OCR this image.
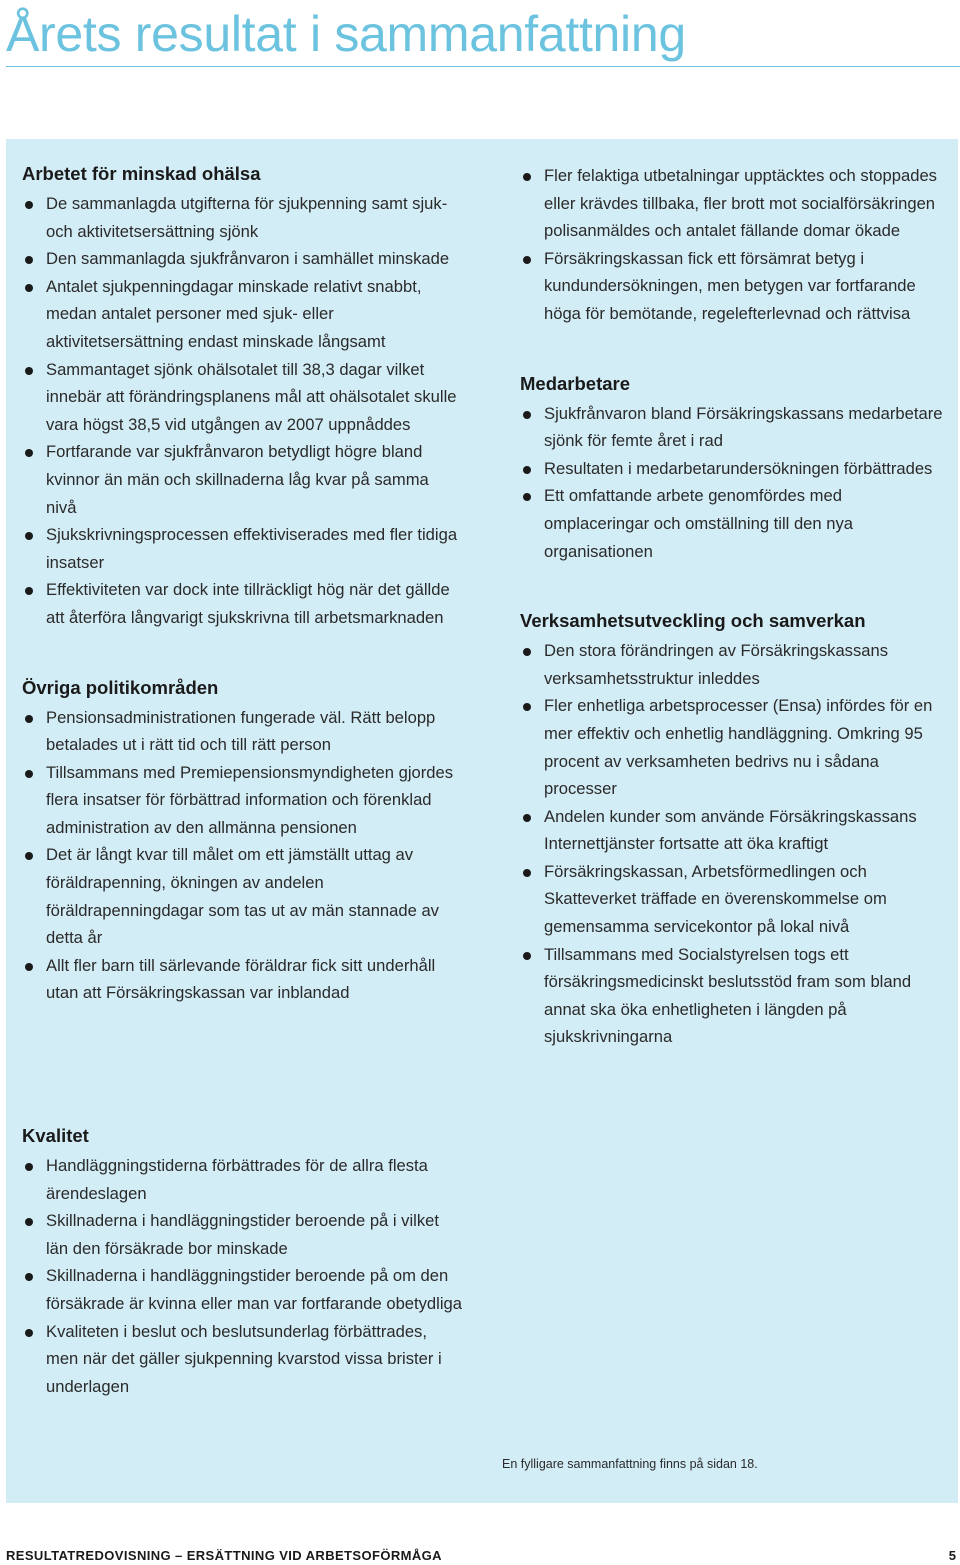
Årets resultat i sammanfattning
Arbetet för minskad ohälsa
De sammanlagda utgifterna för sjukpenning samt sjuk- och aktivitetsersättning sjönk
Den sammanlagda sjukfrånvaron i samhället minskade
Antalet sjukpenningdagar minskade relativt snabbt, medan antalet personer med sjuk- eller aktivitetsersättning endast minskade långsamt
Sammantaget sjönk ohälsotalet till 38,3 dagar vilket innebär att förändringsplanens mål att ohälsotalet skulle vara högst 38,5 vid utgången av 2007 uppnåddes
Fortfarande var sjukfrånvaron betydligt högre bland kvinnor än män och skillnaderna låg kvar på samma nivå
Sjukskrivningsprocessen effektiviserades med fler tidiga insatser
Effektiviteten var dock inte tillräckligt hög när det gällde att återföra långvarigt sjukskrivna till arbetsmarknaden
Övriga politikområden
Pensionsadministrationen fungerade väl. Rätt belopp betalades ut i rätt tid och till rätt person
Tillsammans med Premiepensionsmyndigheten gjordes flera insatser för förbättrad information och förenklad administration av den allmänna pensionen
Det är långt kvar till målet om ett jämställt uttag av föräldrapenning, ökningen av andelen föräldrapenningdagar som tas ut av män stannade av detta år
Allt fler barn till särlevande föräldrar fick sitt underhåll utan att Försäkringskassan var inblandad
Kvalitet
Handläggningstiderna förbättrades för de allra flesta ärendeslagen
Skillnaderna i handläggningstider beroende på i vilket län den försäkrade bor minskade
Skillnaderna i handläggningstider beroende på om den försäkrade är kvinna eller man var fortfarande obetydliga
Kvaliteten i beslut och beslutsunderlag förbättrades, men när det gäller sjukpenning kvarstod vissa brister i underlagen
Fler felaktiga utbetalningar upptäcktes och stoppades eller krävdes tillbaka, fler brott mot socialförsäkringen polisanmäldes och antalet fällande domar ökade
Försäkringskassan fick ett försämrat betyg i kundundersökningen, men betygen var fortfarande höga för bemötande, regelefterlevnad och rättvisa
Medarbetare
Sjukfrånvaron bland Försäkringskassans medarbetare sjönk för femte året i rad
Resultaten i medarbetarundersökningen förbättrades
Ett omfattande arbete genomfördes med omplaceringar och omställning till den nya organisationen
Verksamhetsutveckling och samverkan
Den stora förändringen av Försäkringskassans verksamhetsstruktur inleddes
Fler enhetliga arbetsprocesser (Ensa) infördes för en mer effektiv och enhetlig handläggning. Omkring 95 procent av verksamheten bedrivs nu i sådana processer
Andelen kunder som använde Försäkringskassans Internettjänster fortsatte att öka kraftigt
Försäkringskassan, Arbetsförmedlingen och Skatteverket träffade en överenskommelse om gemensamma servicekontor på lokal nivå
Tillsammans med Socialstyrelsen togs ett försäkringsmedicinskt beslutsstöd fram som bland annat ska öka enhetligheten i längden på sjukskrivningarna
En fylligare sammanfattning finns på sidan 18.
RESULTATREDOVISNING – ERSÄTTNING VID ARBETSOFÖRMÅGA	5
